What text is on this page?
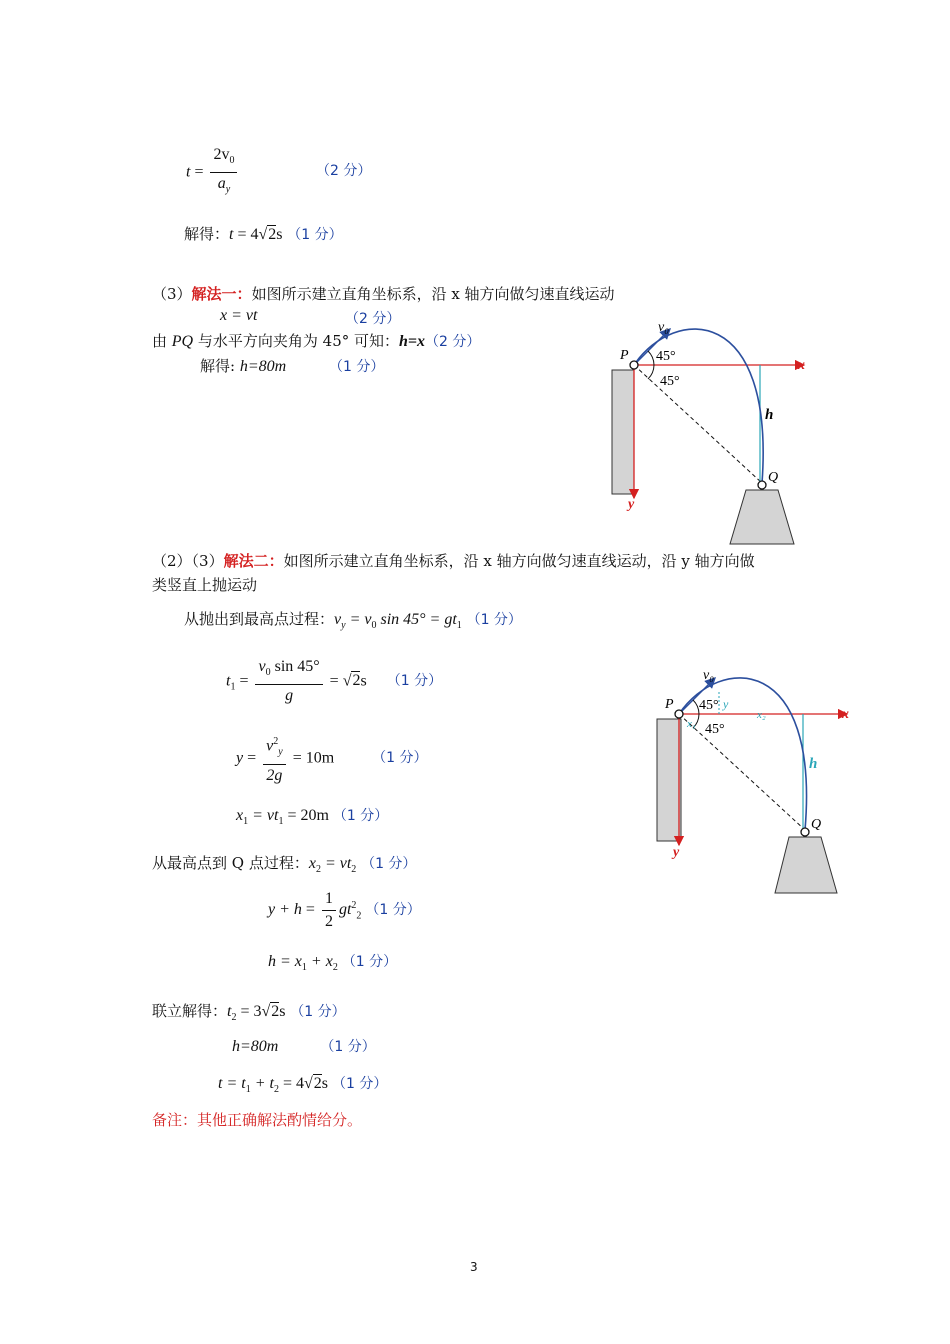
$t = \frac{2v_0}{a_y}$	（2 分）
解得：t = 4√2s （1 分）
（3）解法一：如图所示建立直角坐标系，沿 x 轴方向做匀速直线运动
x = vt	（2 分）
由 PQ 与水平方向夹角为 45° 可知：h=x（2 分）
解得: h=80m	（1 分）
P
v₀
45°
45°
x
y
h
Q
（2）（3）解法二：如图所示建立直角坐标系，沿 x 轴方向做匀速直线运动，沿 y 轴方向做
类竖直上抛运动
从抛出到最高点过程：$v_y = v_0$ $\sin 45^\circ = gt_1$ （1 分）
$t_1 = \frac{v_0 \sin 45^\circ}{g} = √2s$ （1 分）
$y = \frac{v^2_y}{2g} = 10m$	（1 分）
$x_1 = vt_1 = 20m$ （1 分）
从最高点到 Q 点过程：$x_2 = vt_2$ （1 分）
$y + h = \frac{1}{2} gt^2_2$ （1 分）
$h = x_1 + x_2$ （1 分）
联立解得：$t_2 = 3√2s$ （1 分）
h=80m	（1 分）
$t = t_1 + t_2 = 4√2s$ （1 分）
备注：其他正确解法酌情给分。
P
v₀
45°
45°
y
x₁
x₂	x
y
h
Q
3
